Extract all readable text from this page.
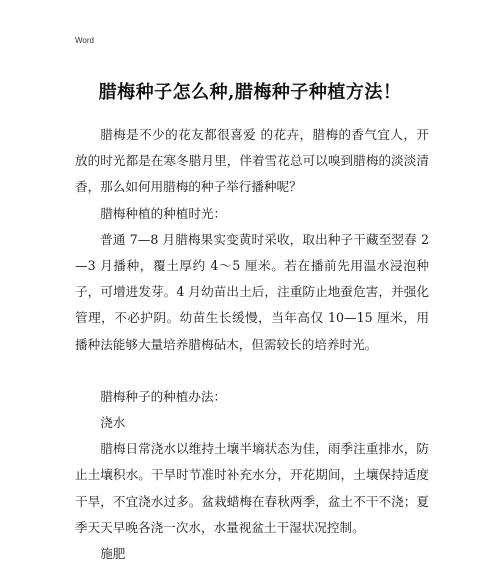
Word
腊梅种子怎么种,腊梅种子种植方法！

腊梅是不少的花友都很喜爱 的花卉，腊梅的香气宜人，开放的时光都是在寒冬腊月里，伴着雪花总可以嗅到腊梅的淡淡清香，那么如何用腊梅的种子举行播种呢？

腊梅种植的种植时光：

普通 7—8 月腊梅果实变黄时采收，取出种子干藏至翌春 2—3 月播种，覆土厚约 4～5 厘米。若在播前先用温水浸泡种子，可增进发芽。4 月幼苗出土后，注重防止地蚕危害，并强化管理，不必护阴。幼苗生长缓慢，当年高仅 10—15 厘米，用播种法能够大量培养腊梅砧木，但需较长的培养时光。

腊梅种子的种植办法：

浇水

腊梅日常浇水以维持土壤半墒状态为佳，雨季注重排水，防止土壤积水。干旱时节准时补充水分，开花期间，土壤保持适度干旱，不宜浇水过多。盆栽蜡梅在春秋两季，盆土不干不浇；夏季天天早晚各浇一次水，水量视盆土干湿状况控制。

施肥
